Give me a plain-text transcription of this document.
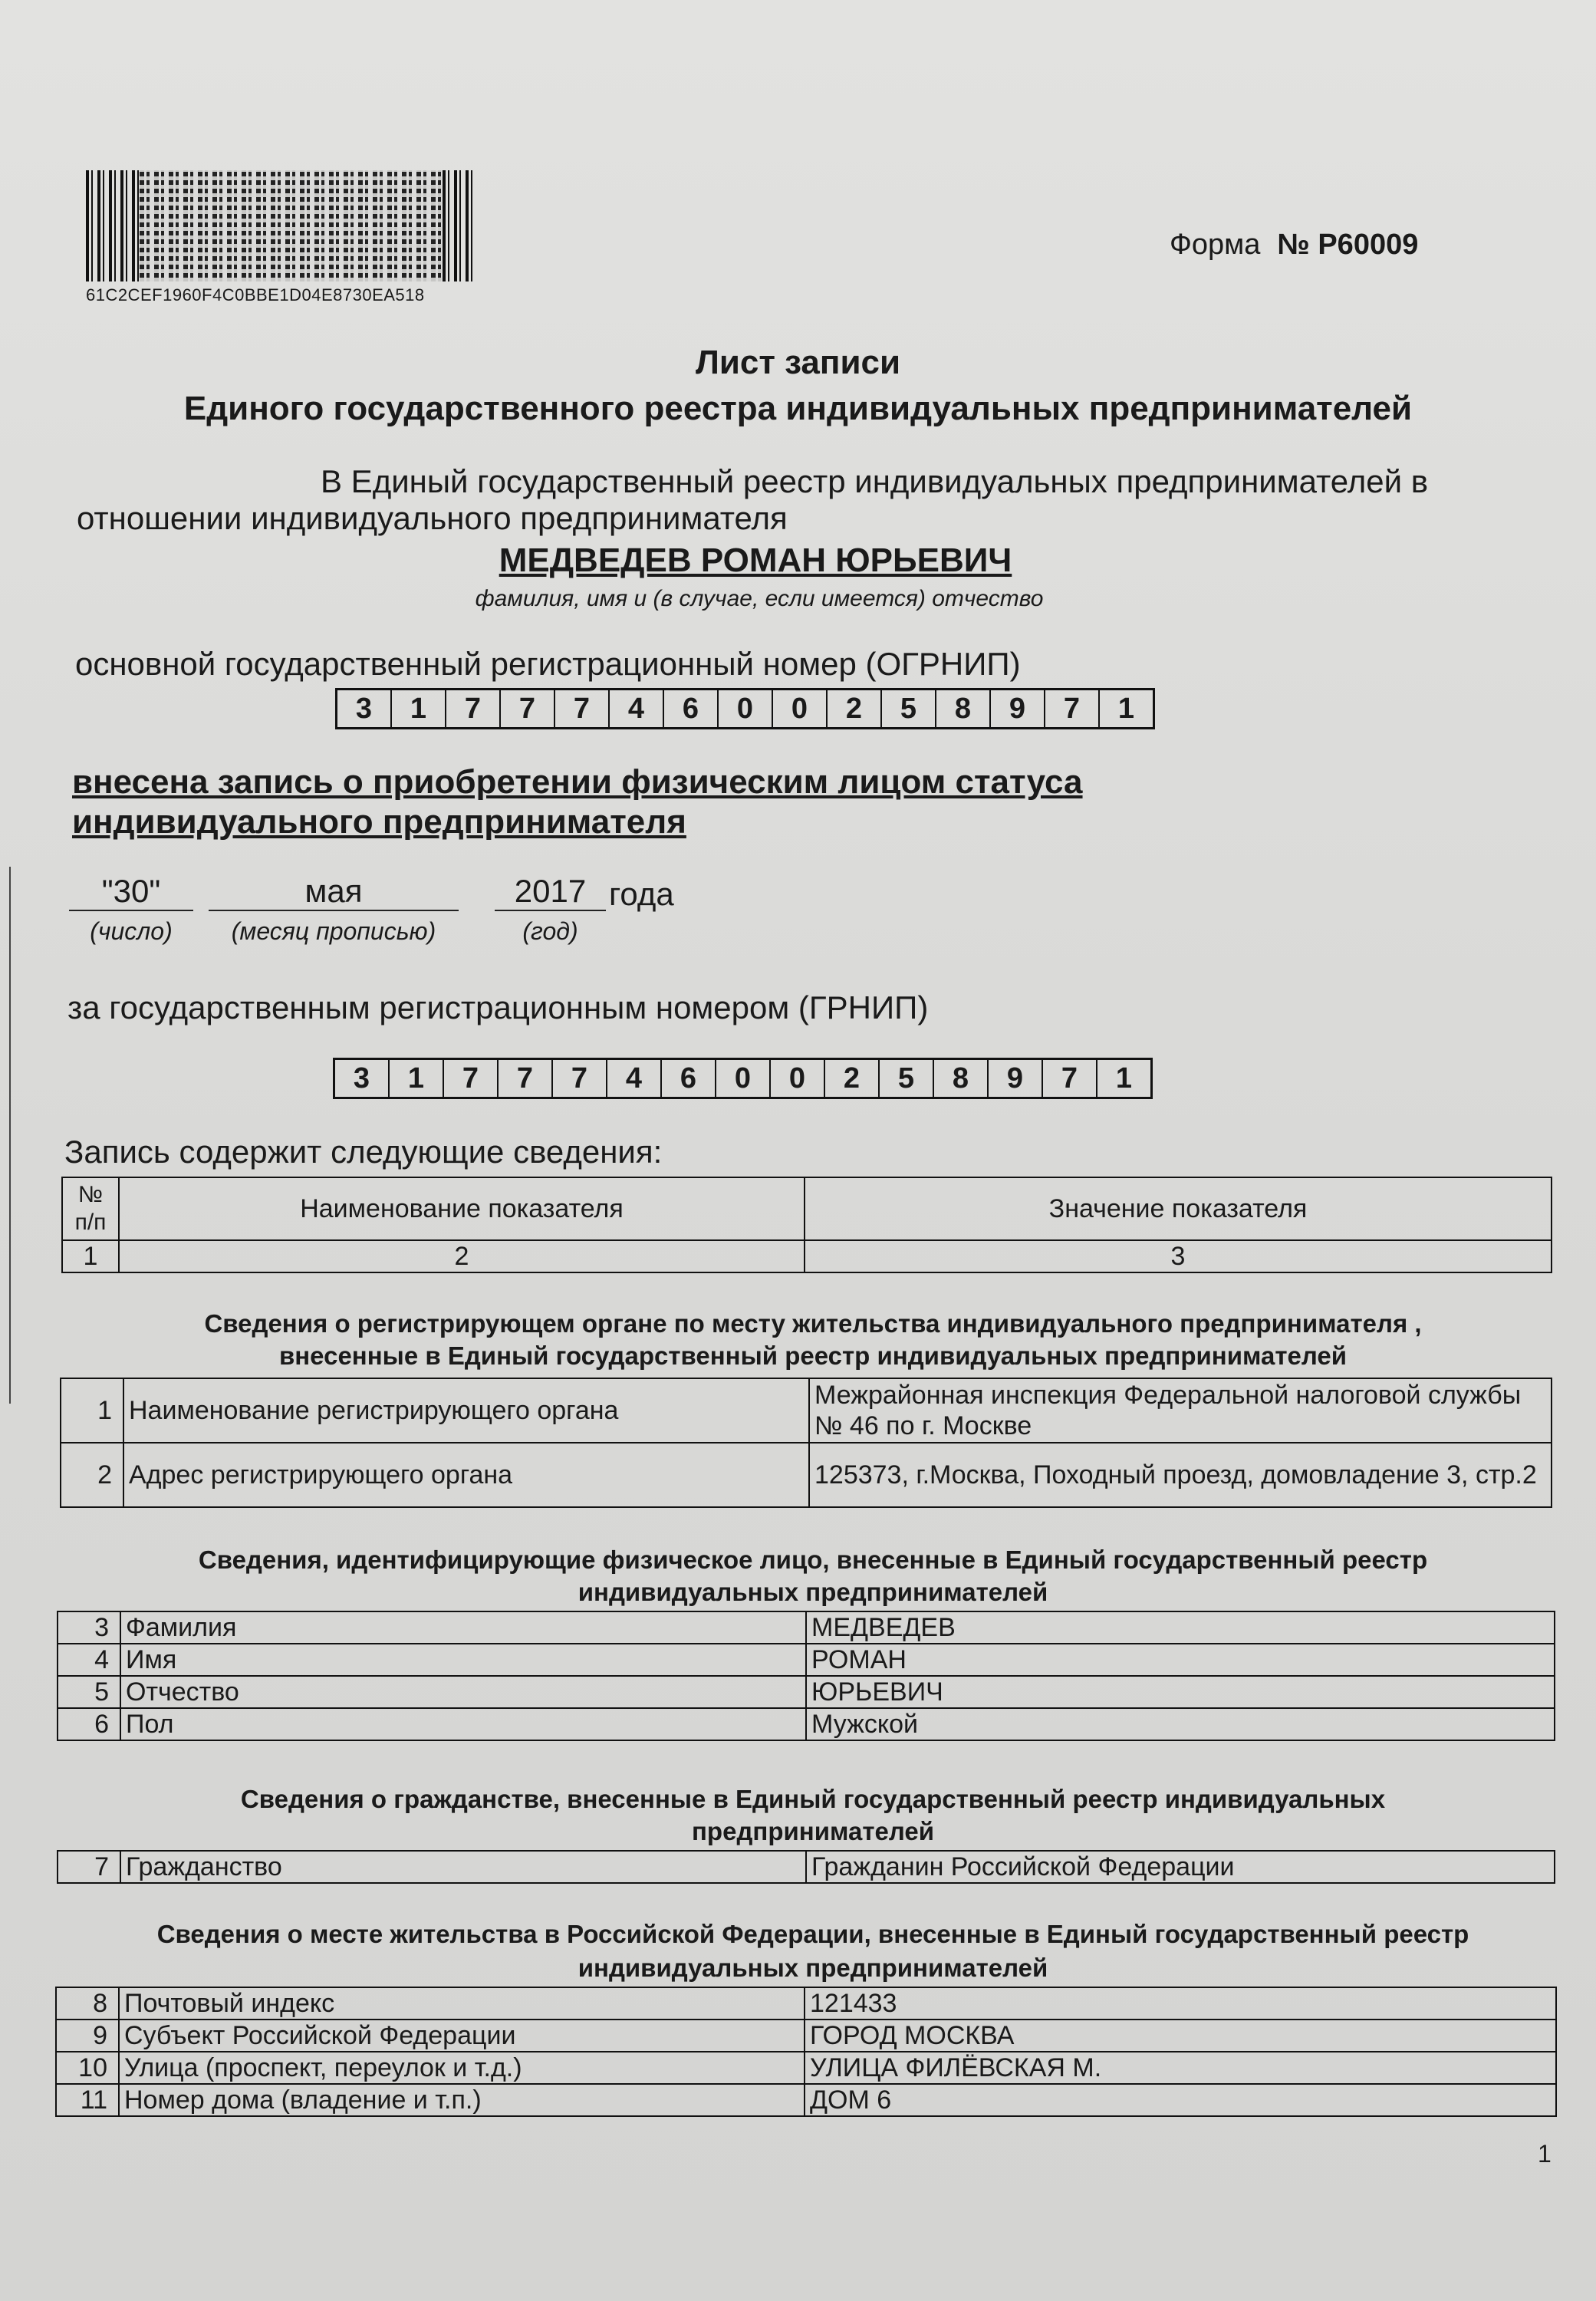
61C2CEF1960F4C0BBE1D04E8730EA518
Форма № Р60009
Лист записи
Единого государственного реестра индивидуальных предпринимателей
В Единый государственный реестр индивидуальных предпринимателей в
отношении индивидуального предпринимателя
МЕДВЕДЕВ РОМАН ЮРЬЕВИЧ
фамилия, имя и (в случае, если имеется) отчество
основной государственный регистрационный номер (ОГРНИП)
3	1	7	7	7	4	6	0	0	2	5	8	9	7	1
внесена запись о приобретении физическим лицом статуса
индивидуального предпринимателя
"30"	мая	2017 года
(число)	(месяц прописью)	(год)
за государственным регистрационным номером (ГРНИП)
3	1	7	7	7	4	6	0	0	2	5	8	9	7	1
Запись содержит следующие сведения:
№ п/п	Наименование показателя	Значение показателя
1	2	3
Сведения о регистрирующем органе по месту жительства индивидуального предпринимателя ,
внесенные в Единый государственный реестр индивидуальных предпринимателей
1	Наименование регистрирующего органа	Межрайонная инспекция Федеральной налоговой службы № 46 по г. Москве
2	Адрес регистрирующего органа	125373, г.Москва, Походный проезд, домовладение 3, стр.2
Сведения, идентифицирующие физическое лицо, внесенные в Единый государственный реестр
индивидуальных предпринимателей
3	Фамилия	МЕДВЕДЕВ
4	Имя	РОМАН
5	Отчество	ЮРЬЕВИЧ
6	Пол	Мужской
Сведения о гражданстве, внесенные в Единый государственный реестр индивидуальных
предпринимателей
7	Гражданство	Гражданин Российской Федерации
Сведения о месте жительства в Российской Федерации, внесенные в Единый государственный реестр
индивидуальных предпринимателей
8	Почтовый индекс	121433
9	Субъект Российской Федерации	ГОРОД МОСКВА
10	Улица (проспект, переулок и т.д.)	УЛИЦА ФИЛЁВСКАЯ М.
11	Номер дома (владение и т.п.)	ДОМ 6
1
